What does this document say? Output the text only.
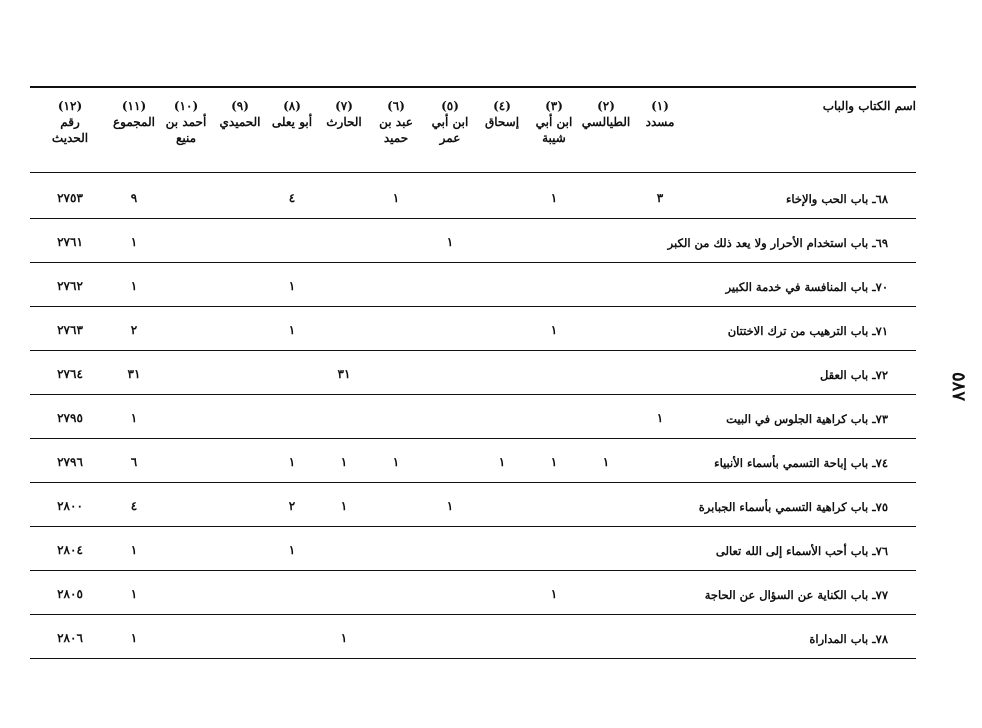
اسم الكتاب والباب
(١)
مسدد
(٢)
الطيالسي
(٣)
ابن أبي شيبة
(٤)
إسحاق
(٥)
ابن أبي عمر
(٦)
عبد بن حميد
(٧)
الحارث
(٨)
أبو يعلى
(٩)
الحميدي
(١٠)
أحمد بن منيع
(١١)
المجموع
(١٢)
رقم الحديث
٦٨ـ باب الحب والإخاء
٣
١
١
٤
٩
٢٧٥٣
٦٩ـ باب استخدام الأحرار ولا يعد ذلك من الكبر
١
١
٢٧٦١
٧٠ـ باب المنافسة في خدمة الكبير
١
١
٢٧٦٢
٧١ـ باب الترهيب من ترك الاختتان
١
١
٢
٢٧٦٣
٧٢ـ باب العقل
٣١
٣١
٢٧٦٤
٧٣ـ باب كراهية الجلوس في البيت
١
١
٢٧٩٥
٧٤ـ باب إباحة التسمي بأسماء الأنبياء
١
١
١
١
١
١
٦
٢٧٩٦
٧٥ـ باب كراهية التسمي بأسماء الجبابرة
١
١
٢
٤
٢٨٠٠
٧٦ـ باب أحب الأسماء إلى الله تعالى
١
١
٢٨٠٤
٧٧ـ باب الكناية عن السؤال عن الحاجة
١
١
٢٨٠٥
٧٨ـ باب المداراة
١
١
٢٨٠٦
٥٨٧
